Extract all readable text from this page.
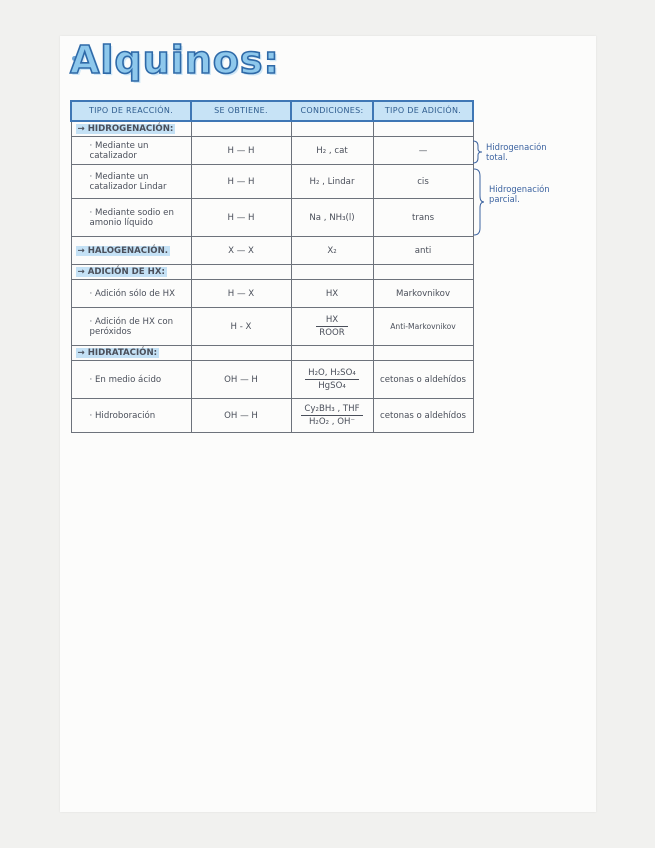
Alquinos:
TIPO DE REACCIÓN.	SE OBTIENE.	CONDICIONES:	TIPO DE ADICIÓN.
→ HIDROGENACIÓN:			
· Mediante un catalizador	H — H	H₂ , cat	—
· Mediante un catalizador Lindar	H — H	H₂ , Lindar	cis
· Mediante sodio en amonio líquido	H — H	Na , NH₃(l)	trans
→ HALOGENACIÓN.	X — X	X₂	anti
→ ADICIÓN DE HX:			
· Adición sólo de HX	H — X	HX	Markovnikov
· Adición de HX con peróxidos	H - X	$\frac{HX}{\text{ROOR}}$	Anti-Markovnikov
→ HIDRATACIÓN:			
· En medio ácido	OH — H	$\frac{\text{H₂O, H₂SO₄}}{\text{HgSO₄}}$	cetonas o aldehídos
· Hidroboración	OH — H	$\frac{\text{Cy₂BH₃ , THF}}{\text{H₂O₂ , OH⁻}}$	cetonas o aldehídos
Hidrogenación total.
Hidrogenación parcial.
